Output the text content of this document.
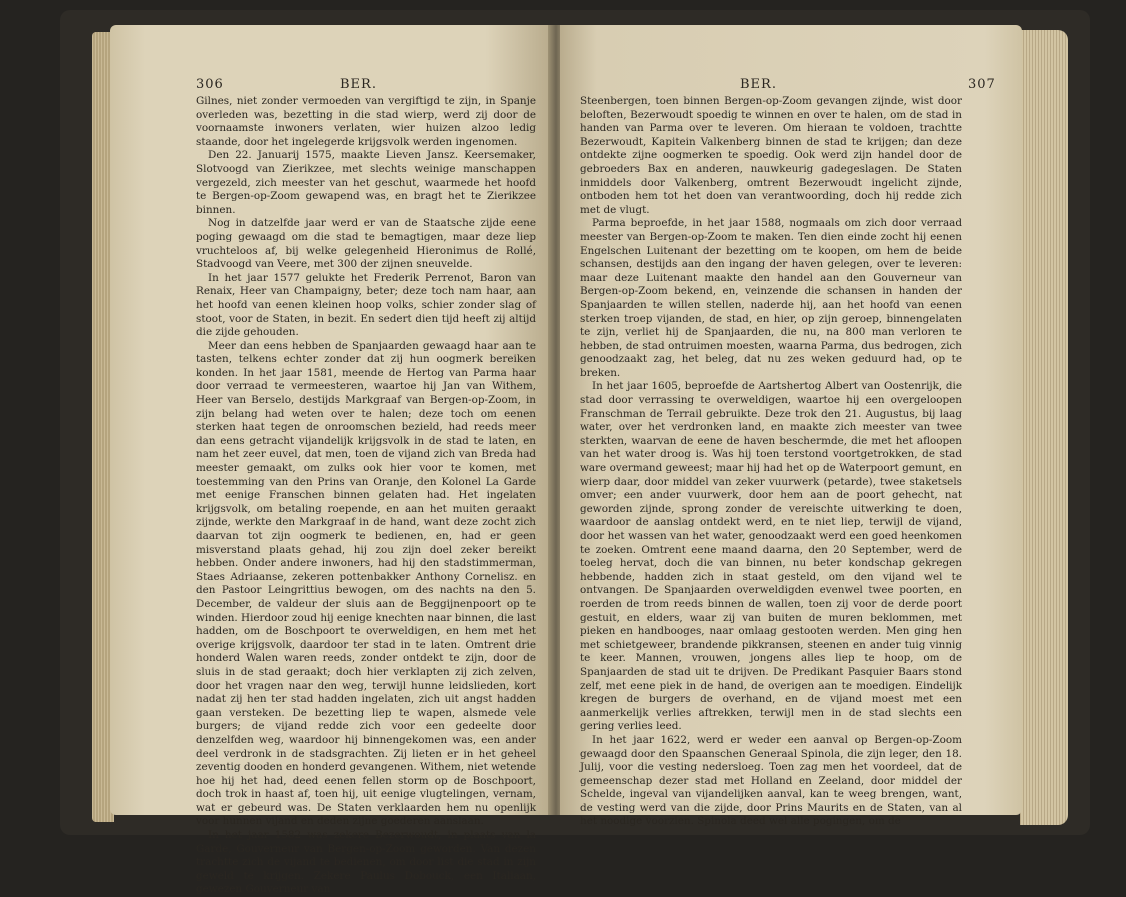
306	BER.

Gilnes, niet zonder vermoeden van vergiftigd te zijn, in Spanje overleden was, bezetting in die stad wierp, werd zij door de voornaamste inwoners verlaten, wier huizen alzoo ledig staande, door het ingelegerde krijgsvolk werden ingenomen.

Den 22. Januarij 1575, maakte Lieven Jansz. Keersemaker, Slotvoogd van Zierikzee, met slechts weinige manschappen vergezeld, zich meester van het geschut, waarmede het hoofd te Bergen-op-Zoom gewapend was, en bragt het te Zierikzee binnen.

Nog in datzelfde jaar werd er van de Staatsche zijde eene poging gewaagd om die stad te bemagtigen, maar deze liep vruchteloos af, bij welke gelegenheid Hieronimus de Rollé, Stadvoogd van Veere, met 300 der zijnen sneuvelde.

In het jaar 1577 gelukte het Frederik Perrenot, Baron van Renaix, Heer van Champaigny, beter; deze toch nam haar, aan het hoofd van eenen kleinen hoop volks, schier zonder slag of stoot, voor de Staten, in bezit. En sedert dien tijd heeft zij altijd die zijde gehouden.

Meer dan eens hebben de Spanjaarden gewaagd haar aan te tasten, telkens echter zonder dat zij hun oogmerk bereiken konden. In het jaar 1581, meende de Hertog van Parma haar door verraad te vermeesteren, waartoe hij Jan van Withem, Heer van Berselo, destijds Markgraaf van Bergen-op-Zoom, in zijn belang had weten over te halen; deze toch om eenen sterken haat tegen de onroomschen bezield, had reeds meer dan eens getracht vijandelijk krijgsvolk in de stad te laten, en nam het zeer euvel, dat men, toen de vijand zich van Breda had meester gemaakt, om zulks ook hier voor te komen, met toestemming van den Prins van Oranje, den Kolonel La Garde met eenige Franschen binnen gelaten had. Het ingelaten krijgsvolk, om betaling roepende, en aan het muiten geraakt zijnde, werkte den Markgraaf in de hand, want deze zocht zich daarvan tot zijn oogmerk te bedienen, en, had er geen misverstand plaats gehad, hij zou zijn doel zeker bereikt hebben. Onder andere inwoners, had hij den stadstimmerman, Staes Adriaanse, zekeren pottenbakker Anthony Cornelisz. en den Pastoor Leingrittius bewogen, om des nachts na den 5. December, de valdeur der sluis aan de Beggijnenpoort op te winden. Hierdoor zoud hij eenige knechten naar binnen, die last hadden, om de Boschpoort te overweldigen, en hem met het overige krijgsvolk, daardoor ter stad in te laten. Omtrent drie honderd Walen waren reeds, zonder ontdekt te zijn, door de sluis in de stad geraakt; doch hier verklapten zij zich zelven, door het vragen naar den weg, terwijl hunne leidslieden, kort nadat zij hen ter stad hadden ingelaten, zich uit angst hadden gaan versteken. De bezetting liep te wapen, alsmede vele burgers; de vijand redde zich voor een gedeelte door denzelfden weg, waardoor hij binnengekomen was, een ander deel verdronk in de stadsgrachten. Zij lieten er in het geheel zeventig dooden en honderd gevangenen. Withem, niet wetende hoe hij het had, deed eenen fellen storm op de Boschpoort, doch trok in haast af, toen hij, uit eenige vlugtelingen, vernam, wat er gebeurd was. De Staten verklaarden hem nu openlijk voor hunnen vijand en deden zijne goederen aanslaan.

In het jaar 1582 was zekere Bezerwoudt, in plaats van la Garde, Gouverneur van Bergen-op-Zoom geworden. Van dezen trachtte zich de vijand te bedienen, om door list die stad in zijn geweld te krijgen. Zekere Paulus Dobouck, een Italiaan, gewezen Gouverneur van

BER.	307

Steenbergen, toen binnen Bergen-op-Zoom gevangen zijnde, wist door beloften, Bezerwoudt spoedig te winnen en over te halen, om de stad in handen van Parma over te leveren. Om hieraan te voldoen, trachtte Bezerwoudt, Kapitein Valkenberg binnen de stad te krijgen; dan deze ontdekte zijne oogmerken te spoedig. Ook werd zijn handel door de gebroeders Bax en anderen, nauwkeurig gadegeslagen. De Staten inmiddels door Valkenberg, omtrent Bezerwoudt ingelicht zijnde, ontboden hem tot het doen van verantwoording, doch hij redde zich met de vlugt.

Parma beproefde, in het jaar 1588, nogmaals om zich door verraad meester van Bergen-op-Zoom te maken. Ten dien einde zocht hij eenen Engelschen Luitenant der bezetting om te koopen, om hem de beide schansen, destijds aan den ingang der haven gelegen, over te leveren: maar deze Luitenant maakte den handel aan den Gouverneur van Bergen-op-Zoom bekend, en, veinzende die schansen in handen der Spanjaarden te willen stellen, naderde hij, aan het hoofd van eenen sterken troep vijanden, de stad, en hier, op zijn geroep, binnengelaten te zijn, verliet hij de Spanjaarden, die nu, na 800 man verloren te hebben, de stad ontruimen moesten, waarna Parma, dus bedrogen, zich genoodzaakt zag, het beleg, dat nu zes weken geduurd had, op te breken.

In het jaar 1605, beproefde de Aartshertog Albert van Oostenrijk, die stad door verrassing te overweldigen, waartoe hij een overgeloopen Franschman de Terrail gebruikte. Deze trok den 21. Augustus, bij laag water, over het verdronken land, en maakte zich meester van twee sterkten, waarvan de eene de haven beschermde, die met het afloopen van het water droog is. Was hij toen terstond voortgetrokken, de stad ware overmand geweest; maar hij had het op de Waterpoort gemunt, en wierp daar, door middel van zeker vuurwerk (petarde), twee staketsels omver; een ander vuurwerk, door hem aan de poort gehecht, nat geworden zijnde, sprong zonder de vereischte uitwerking te doen, waardoor de aanslag ontdekt werd, en te niet liep, terwijl de vijand, door het wassen van het water, genoodzaakt werd een goed heenkomen te zoeken. Omtrent eene maand daarna, den 20 September, werd de toeleg hervat, doch die van binnen, nu beter kondschap gekregen hebbende, hadden zich in staat gesteld, om den vijand wel te ontvangen. De Spanjaarden overweldigden evenwel twee poorten, en roerden de trom reeds binnen de wallen, toen zij voor de derde poort gestuit, en elders, waar zij van buiten de muren beklommen, met pieken en handbooges, naar omlaag gestooten werden. Men ging hen met schietgeweer, brandende pikkransen, steenen en ander tuig vinnig te keer. Mannen, vrouwen, jongens alles liep te hoop, om de Spanjaarden de stad uit te drijven. De Predikant Pasquier Baars stond zelf, met eene piek in de hand, de overigen aan te moedigen. Eindelijk kregen de burgers de overhand, en de vijand moest met een aanmerkelijk verlies aftrekken, terwijl men in de stad slechts een gering verlies leed.

In het jaar 1622, werd er weder een aanval op Bergen-op-Zoom gewaagd door den Spaanschen Generaal Spinola, die zijn leger, den 18. Julij, voor die vesting nedersloeg. Toen zag men het voordeel, dat de gemeenschap dezer stad met Holland en Zeeland, door middel der Schelde, ingeval van vijandelijken aanval, kan te weeg brengen, want, de vesting werd van die zijde, door Prins Maurits en de Staten, van al het noodige voorzien. Spinola deed wel alle pogingen, om de
